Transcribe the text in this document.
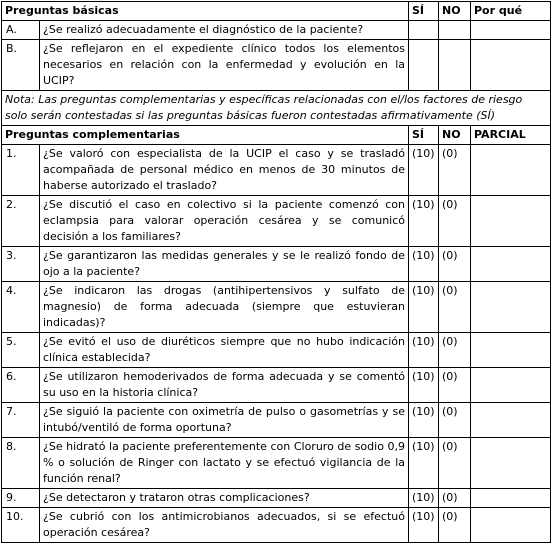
Preguntas básicas		SÍ	NO	Por qué
A.	¿Se realizó adecuadamente el diagnóstico de la paciente?			
B.	¿Se reflejaron en el expediente clínico todos los elementos necesarios en relación con la enfermedad y evolución en la UCIP?			
Nota: Las preguntas complementarias y específicas relacionadas con el/los factores de riesgo solo serán contestadas si las preguntas básicas fueron contestadas afirmativamente (SÍ)				
Preguntas complementarias		SÍ	NO	PARCIAL
1.	¿Se valoró con especialista de la UCIP el caso y se trasladó acompañada de personal médico en menos de 30 minutos de haberse autorizado el traslado?	(10)	(0)	
2.	¿Se discutió el caso en colectivo si la paciente comenzó con eclampsia para valorar operación cesárea y se comunicó decisión a los familiares?	(10)	(0)	
3.	¿Se garantizaron las medidas generales y se le realizó fondo de ojo a la paciente?	(10)	(0)	
4.	¿Se indicaron las drogas (antihipertensivos y sulfato de magnesio) de forma adecuada (siempre que estuvieran indicadas)?	(10)	(0)	
5.	¿Se evitó el uso de diuréticos siempre que no hubo indicación clínica establecida?	(10)	(0)	
6.	¿Se utilizaron hemoderivados de forma adecuada y se comentó su uso en la historia clínica?	(10)	(0)	
7.	¿Se siguió la paciente con oximetría de pulso o gasometrías y se intubó/ventiló de forma oportuna?	(10)	(0)	
8.	¿Se hidrató la paciente preferentemente con Cloruro de sodio 0,9 % o solución de Ringer con lactato y se efectuó vigilancia de la función renal?	(10)	(0)	
9.	¿Se detectaron y trataron otras complicaciones?	(10)	(0)	
10.	¿Se cubrió con los antimicrobianos adecuados, si se efectuó operación cesárea?	(10)	(0)	
